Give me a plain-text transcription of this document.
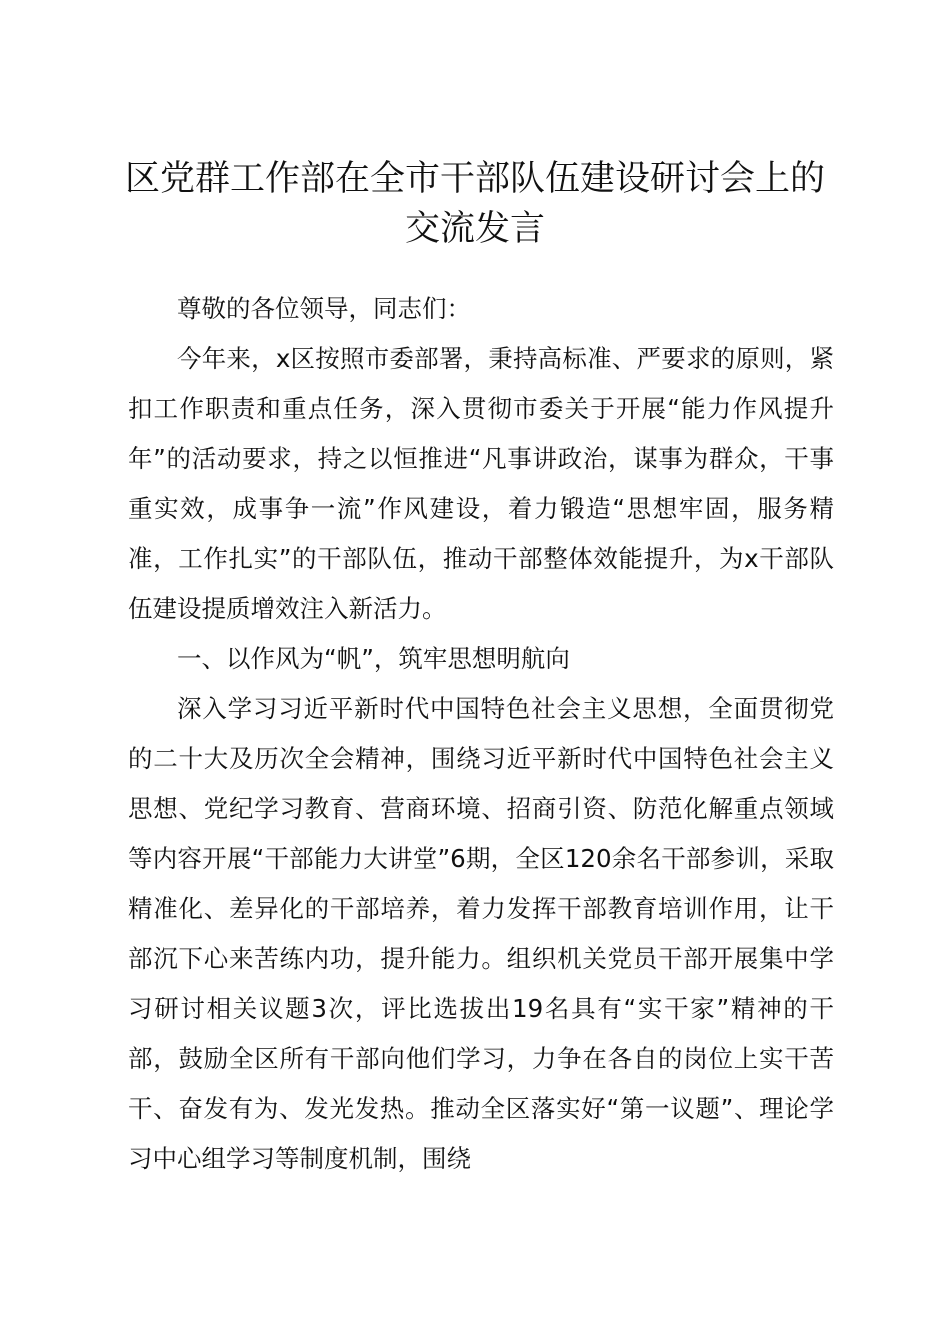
区党群工作部在全市干部队伍建设研讨会上的
交流发言

尊敬的各位领导，同志们：

今年来，x区按照市委部署，秉持高标准、严要求的原则，紧扣工作职责和重点任务，深入贯彻市委关于开展“能力作风提升年”的活动要求，持之以恒推进“凡事讲政治，谋事为群众，干事重实效，成事争一流”作风建设，着力锻造“思想牢固，服务精准，工作扎实”的干部队伍，推动干部整体效能提升，为x干部队伍建设提质增效注入新活力。

一、以作风为“帆”，筑牢思想明航向

深入学习习近平新时代中国特色社会主义思想，全面贯彻党的二十大及历次全会精神，围绕习近平新时代中国特色社会主义思想、党纪学习教育、营商环境、招商引资、防范化解重点领域等内容开展“干部能力大讲堂”6期，全区120余名干部参训，采取精准化、差异化的干部培养，着力发挥干部教育培训作用，让干部沉下心来苦练内功，提升能力。组织机关党员干部开展集中学习研讨相关议题3次，评比选拔出19名具有“实干家”精神的干部，鼓励全区所有干部向他们学习，力争在各自的岗位上实干苦干、奋发有为、发光发热。推动全区落实好“第一议题”、理论学习中心组学习等制度机制，围绕
